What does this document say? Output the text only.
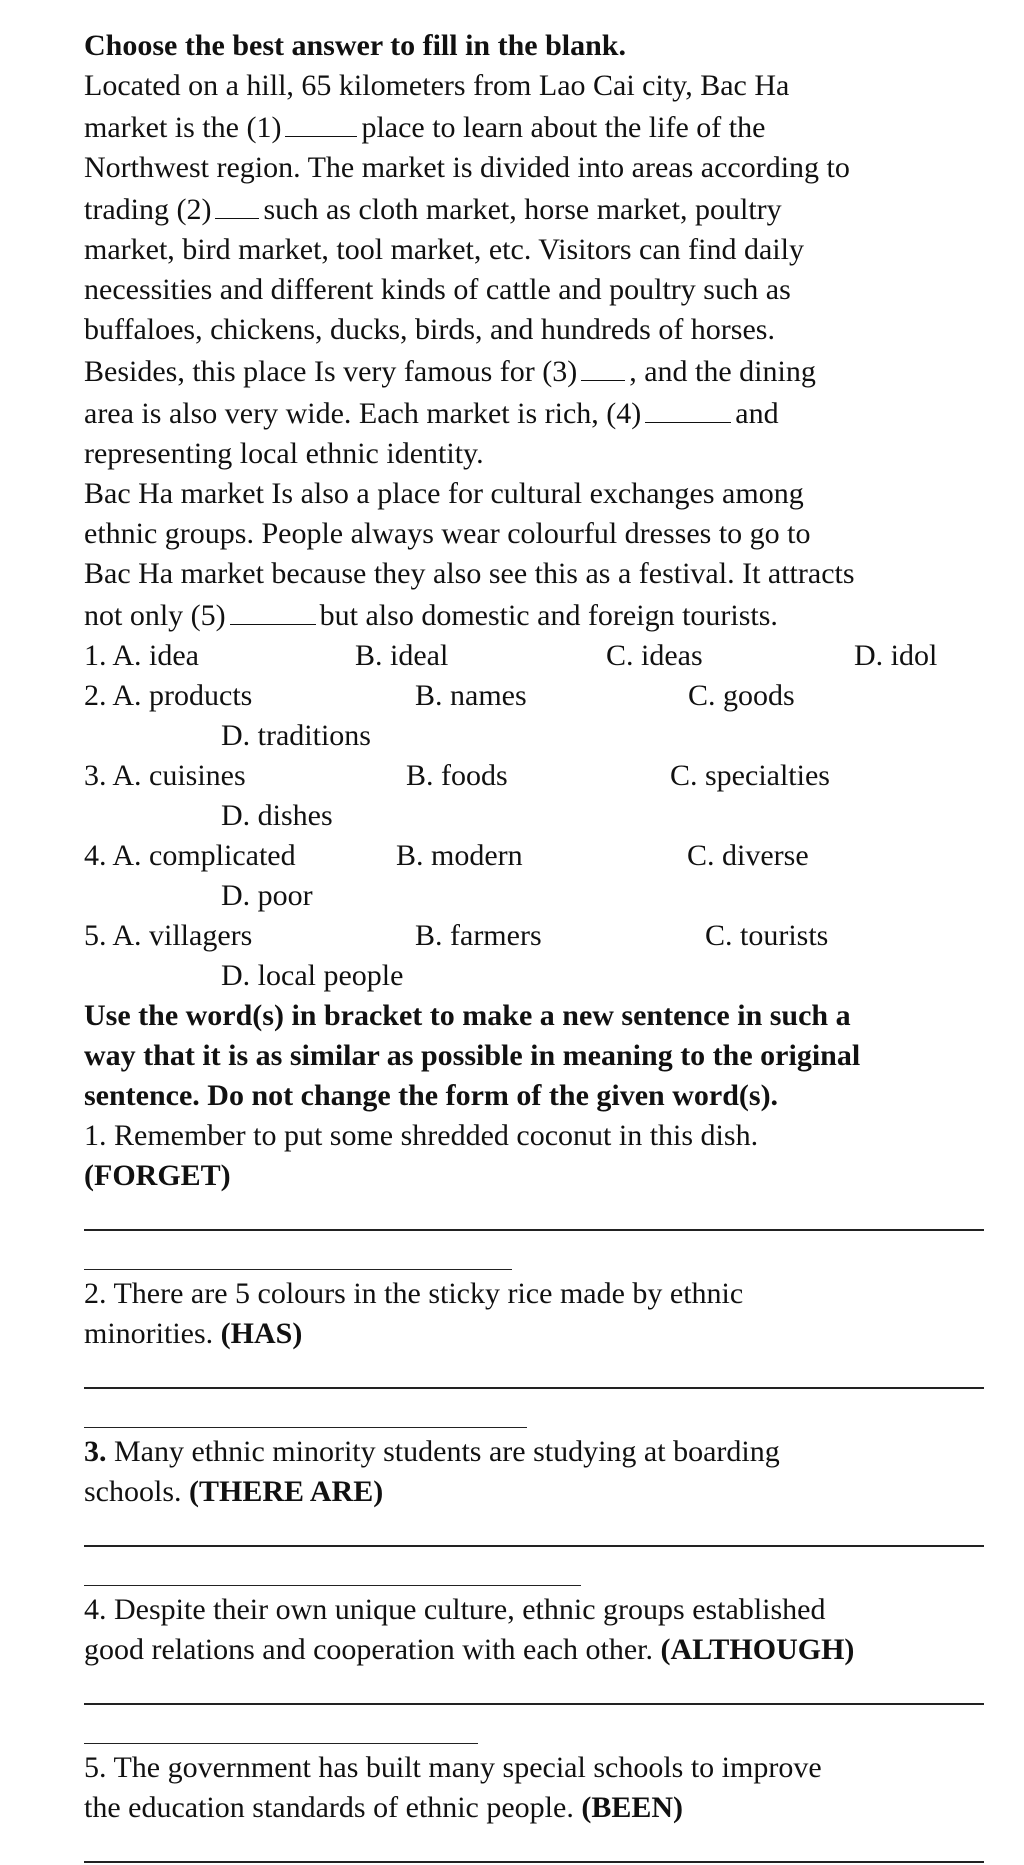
Choose the best answer to fill in the blank.

Located on a hill, 65 kilometers from Lao Cai city, Bac Ha

market is the (1)	place to learn about the life of the

Northwest region. The market is divided into areas according to

trading (2) such as cloth market, horse market, poultry

market, bird market, tool market, etc. Visitors can find daily

necessities and different kinds of cattle and poultry such as

buffaloes, chickens, ducks, birds, and hundreds of horses.

Besides, this place Is very famous for (3) , and the dining

area is also very wide. Each market is rich, (4)	and

representing local ethnic identity.

Bac Ha market Is also a place for cultural exchanges among

ethnic groups. People always wear colourful dresses to go to

Bac Ha market because they also see this as a festival. It attracts

not only (5)	but also domestic and foreign tourists.

1. A. idea	B. ideal	C. ideas	D. idol
2. A. products	B. names	C. goods
D. traditions
3. A. cuisines	B. foods	C. specialties
D. dishes
4. A. complicated	B. modern	C. diverse
D. poor
5. A. villagers	B. farmers	C. tourists
D. local people

Use the word(s) in bracket to make a new sentence in such a

way that it is as similar as possible in meaning to the original

sentence. Do not change the form of the given word(s).

1. Remember to put some shredded coconut in this dish.

(FORGET)

2. There are 5 colours in the sticky rice made by ethnic

minorities. (HAS)

3. Many ethnic minority students are studying at boarding

schools. (THERE ARE)

4. Despite their own unique culture, ethnic groups established

good relations and cooperation with each other. (ALTHOUGH)

5. The government has built many special schools to improve

the education standards of ethnic people. (BEEN)
